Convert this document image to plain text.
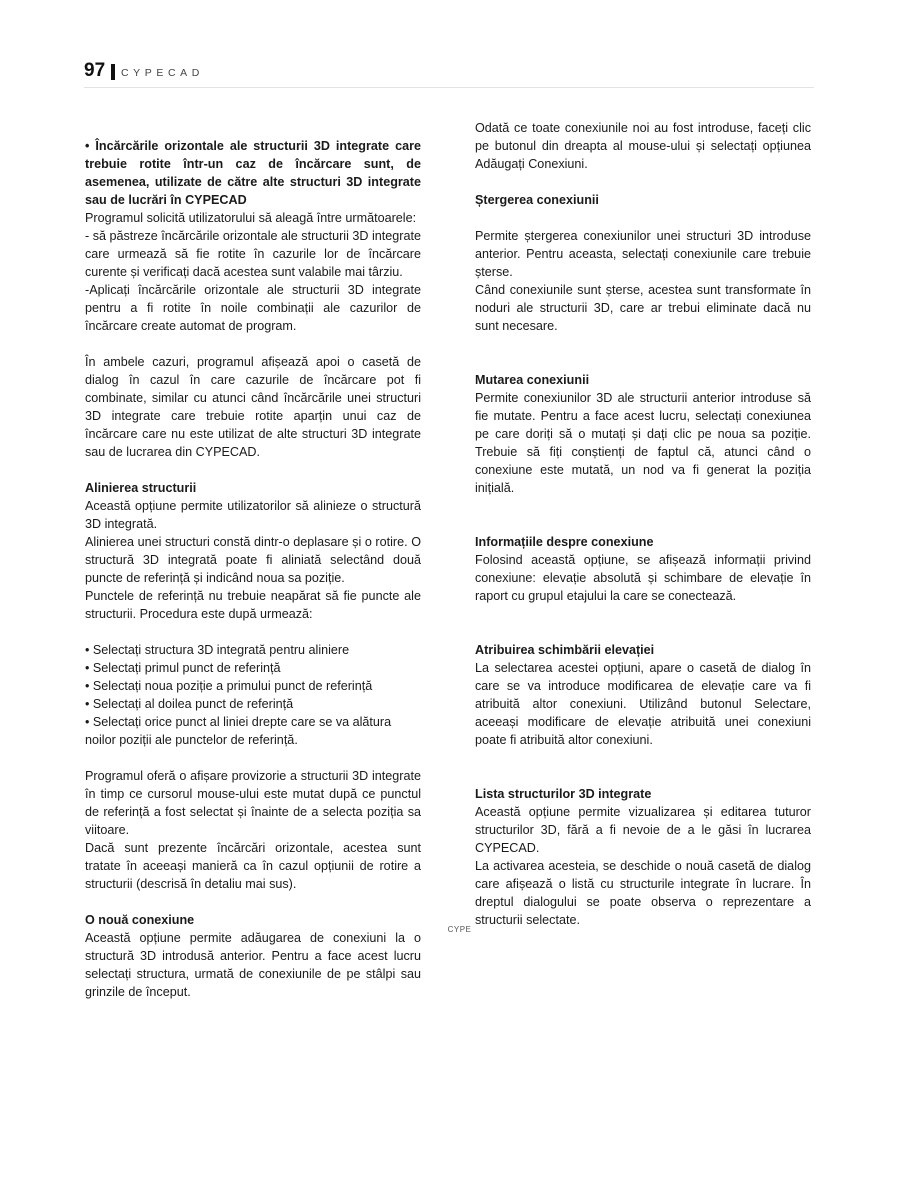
97 CYPECAD

• Încărcările orizontale ale structurii 3D integrate care trebuie rotite într-un caz de încărcare sunt, de asemenea, utilizate de către alte structuri 3D integrate sau de lucrări în CYPECAD

Programul solicită utilizatorului să aleagă între următoarele:

- să păstreze încărcările orizontale ale structurii 3D integrate care urmează să fie rotite în cazurile lor de încărcare curente și verificați dacă acestea sunt valabile mai târziu.

-Aplicați încărcările orizontale ale structurii 3D integrate pentru a fi rotite în noile combinații ale cazurilor de încărcare create automat de program.

În ambele cazuri, programul afișează apoi o casetă de dialog în cazul în care cazurile de încărcare pot fi combinate, similar cu atunci când încărcările unei structuri 3D integrate care trebuie rotite aparțin unui caz de încărcare care nu este utilizat de alte structuri 3D integrate sau de lucrarea din CYPECAD.

Alinierea structurii

Această opțiune permite utilizatorilor să alinieze o structură 3D integrată.

Alinierea unei structuri constă dintr-o deplasare și o rotire. O structură 3D integrată poate fi aliniată selectând două puncte de referință și indicând noua sa poziție.

Punctele de referință nu trebuie neapărat să fie puncte ale structurii. Procedura este după urmează:

• Selectați structura 3D integrată pentru aliniere
• Selectați primul punct de referință
• Selectați noua poziție a primului punct de referință
• Selectați al doilea punct de referință
• Selectați orice punct al liniei drepte care se va alătura noilor poziții ale punctelor de referință.

Programul oferă o afișare provizorie a structurii 3D integrate în timp ce cursorul mouse-ului este mutat după ce punctul de referință a fost selectat și înainte de a selecta poziția sa viitoare.

Dacă sunt prezente încărcări orizontale, acestea sunt tratate în aceeași manieră ca în cazul opțiunii de rotire a structurii (descrisă în detaliu mai sus).

O nouă conexiune

Această opțiune permite adăugarea de conexiuni la o structură 3D introdusă anterior. Pentru a face acest lucru selectați structura, urmată de conexiunile de pe stâlpi sau grinzile de început.

Odată ce toate conexiunile noi au fost introduse, faceți clic pe butonul din dreapta al mouse-ului și selectați opțiunea Adăugați Conexiuni.

Ștergerea conexiunii

Permite ștergerea conexiunilor unei structuri 3D introduse anterior. Pentru aceasta, selectați conexiunile care trebuie șterse.

Când conexiunile sunt șterse, acestea sunt transformate în noduri ale structurii 3D, care ar trebui eliminate dacă nu sunt necesare.

Mutarea conexiunii

Permite conexiunilor 3D ale structurii anterior introduse să fie mutate. Pentru a face acest lucru, selectați conexiunea pe care doriți să o mutați și dați clic pe noua sa poziție. Trebuie să fiți conștienți de faptul că, atunci când o conexiune este mutată, un nod va fi generat la poziția inițială.

Informațiile despre conexiune

Folosind această opțiune, se afișează informații privind conexiune: elevație absolută și schimbare de elevație în raport cu grupul etajului la care se conectează.

Atribuirea schimbării elevației

La selectarea acestei opțiuni, apare o casetă de dialog în care se va introduce modificarea de elevație care va fi atribuită altor conexiuni. Utilizând butonul Selectare, aceeași modificare de elevație atribuită unei conexiuni poate fi atribuită altor conexiuni.

Lista structurilor 3D integrate

Această opțiune permite vizualizarea și editarea tuturor structurilor 3D, fără a fi nevoie de a le găsi în lucrarea CYPECAD.

La activarea acesteia, se deschide o nouă casetă de dialog care afișează o listă cu structurile integrate în lucrare. În dreptul dialogului se poate observa o reprezentare a structurii selectate.

CYPE
